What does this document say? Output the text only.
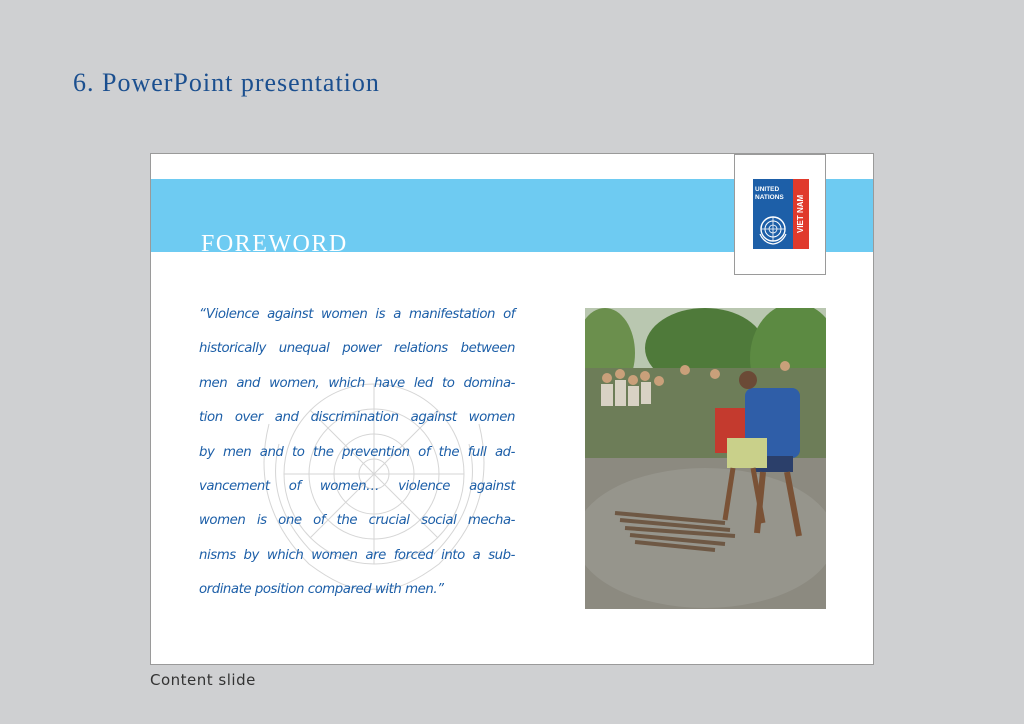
6. PowerPoint presentation
FOREWORD
UNITED
NATIONS VIET NAM
“Violence against women is a manifestation of
historically unequal power relations between
men and women, which have led to domina-
tion over and discrimination against women
by men and to the prevention of the full ad-
vancement of women… violence against
women is one of the crucial social mecha-
nisms by which women are forced into a sub-
ordinate position compared with men.”
Content slide
